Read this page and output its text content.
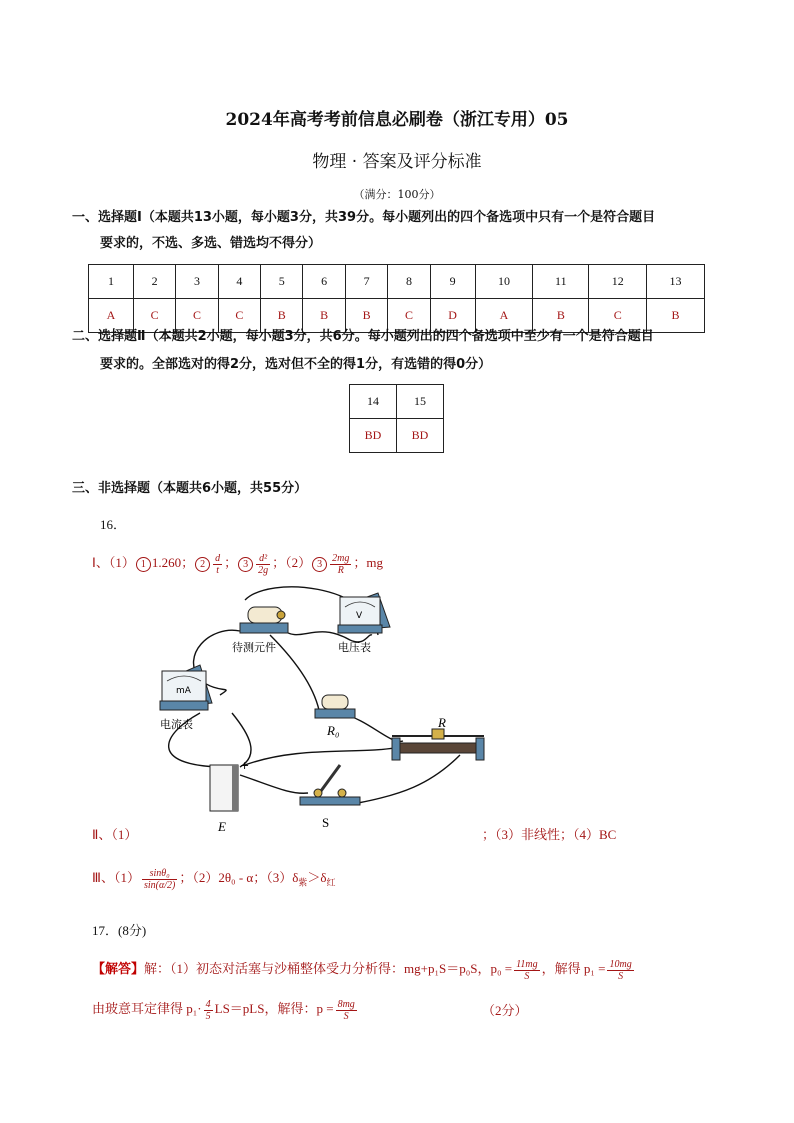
2024年高考考前信息必刷卷（浙江专用）05
物理 · 答案及评分标准
（满分：100分）
一、选择题Ⅰ（本题共13小题，每小题3分，共39分。每小题列出的四个备选项中只有一个是符合题目
要求的，不选、多选、错选均不得分）
1	2	3	4	5	6	7	8	9	10	11	12	13
A	C	C	C	B	B	B	C	D	A	B	C	B
二、选择题Ⅱ（本题共2小题，每小题3分，共6分。每小题列出的四个备选项中至少有一个是符合题目
要求的。全部选对的得2分，选对但不全的得1分，有选错的得0分）
14	15
BD	BD
三、非选择题（本题共6小题，共55分）
16．
Ⅰ、（1） 1 1.260； $2 \frac{d}{t}$ ； $3 \frac{\text{d²}}{2g}$ ；（2） $3 \frac{2mg}{R}$ ；mg
待测元件
V
电压表
mA
电流表	R₀
R
+
E	S
Ⅱ、（1）	；（3）非线性；（4）BC
Ⅲ、$(1) \frac{\text{sinθ₀}}{\sin(\alpha/2)}$ ；（2）2θ₀ - α；$(3)\delta_紫>\delta_红$
17．(8分)
【解答】解：（1）初态对活塞与沙桶整体受力分析得：mg+p₁S＝p₀S，$p_0 = \frac{11mg}{S}$ ，解得 $p_1 = \frac{10mg}{S}$
由玻意耳定律得 $p_1\cdot \frac{4}{5} LS=pLS$，解得：$p = \frac{8mg}{S}$	（2分）
